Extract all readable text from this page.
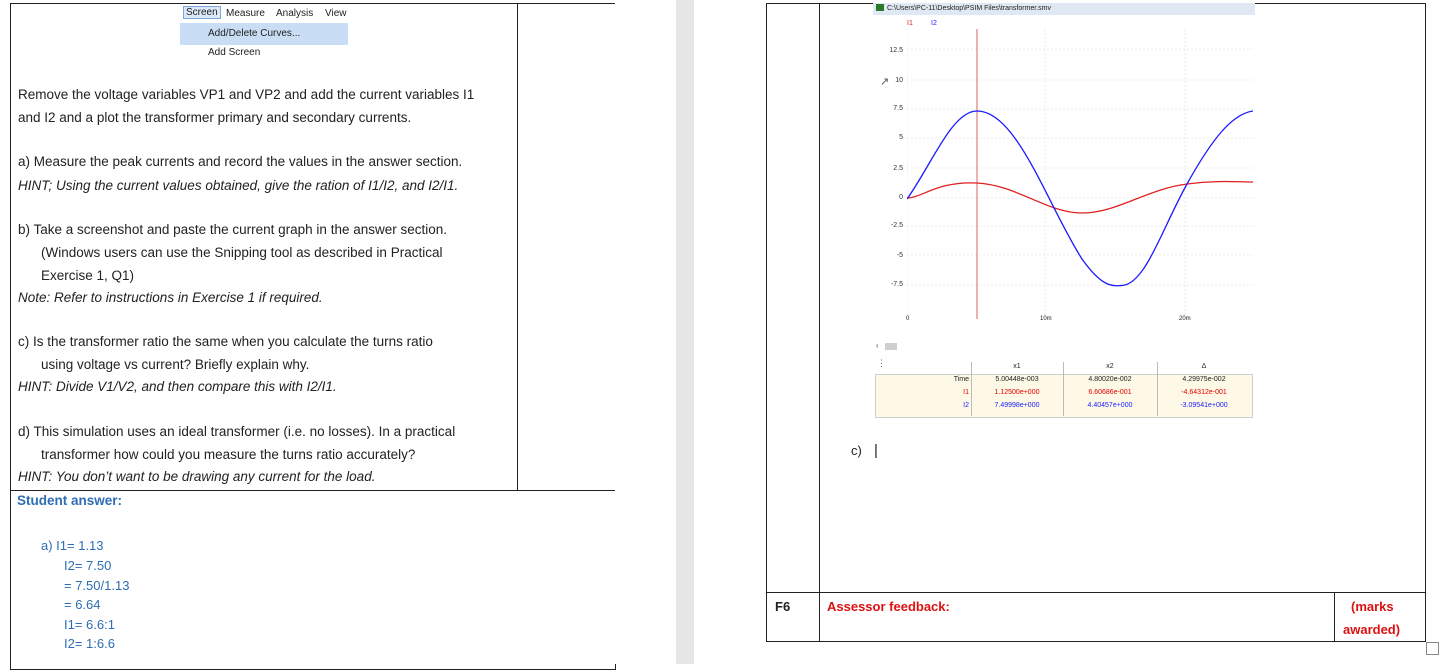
Screen Measure Analysis View
Add/Delete Curves...
Add Screen
Remove the voltage variables VP1 and VP2 and add the current variables I1
and I2 and a plot the transformer primary and secondary currents.
a) Measure the peak currents and record the values in the answer section.
HINT; Using the current values obtained, give the ration of I1/I2, and I2/I1.
b) Take a screenshot and paste the current graph in the answer section.
(Windows users can use the Snipping tool as described in Practical
Exercise 1, Q1)
Note: Refer to instructions in Exercise 1 if required.
c) Is the transformer ratio the same when you calculate the turns ratio
using voltage vs current? Briefly explain why.
HINT: Divide V1/V2, and then compare this with I2/I1.
d) This simulation uses an ideal transformer (i.e. no losses). In a practical
transformer how could you measure the turns ratio accurately?
HINT: You don’t want to be drawing any current for the load.
Student answer:
a) I1= 1.13
I2= 7.50
= 7.50/1.13
= 6.64
I1= 6.6:1
I2= 1:6.6
C:\Users\PC-11\Desktop\PSIM Files\transformer.smv
I1	I2
12.5
10
7.5
5
2.5
0
-2.5
-5
-7.5
↗
0	10m	20m
1
‹
⋮	x1	x2	Δ
Time	5.00448e-003	4.80020e-002	4.29975e-002
I1	1.12500e+000	6.60686e-001	-4.64312e-001
I2	7.49998e+000	4.40457e+000	-3.09541e+000
c) |
F6	Assessor feedback:	(marks
awarded)
